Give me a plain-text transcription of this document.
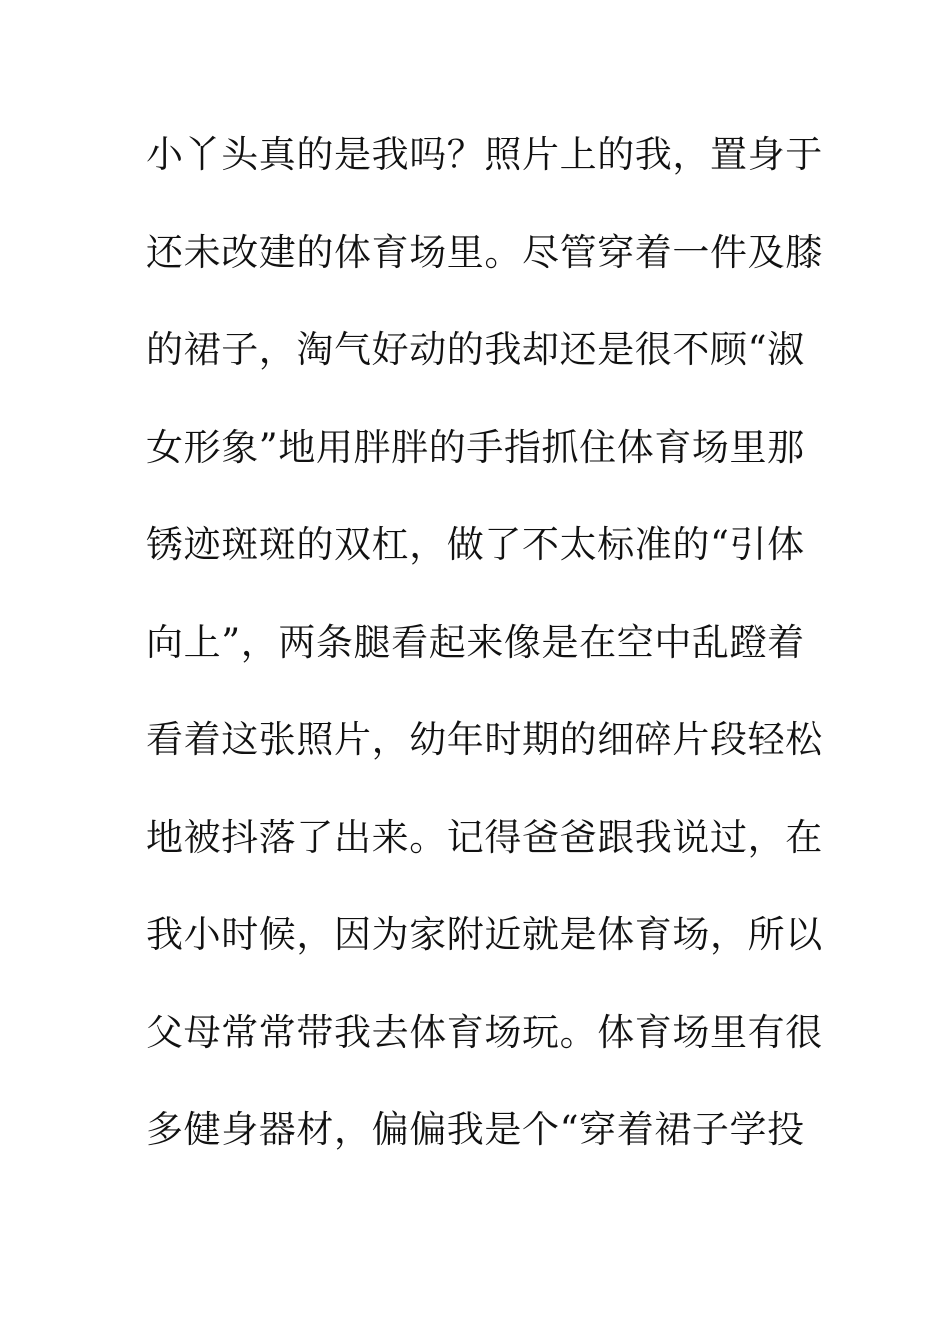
小丫头真的是我吗？照片上的我，置身于
还未改建的体育场里。尽管穿着一件及膝
的裙子，淘气好动的我却还是很不顾“淑
女形象”地用胖胖的手指抓住体育场里那
锈迹斑斑的双杠，做了不太标准的“引体
向上”，两条腿看起来像是在空中乱蹬着
看着这张照片，幼年时期的细碎片段轻松
地被抖落了出来。记得爸爸跟我说过，在
我小时候，因为家附近就是体育场，所以
父母常常带我去体育场玩。体育场里有很
多健身器材，偏偏我是个“穿着裙子学投
